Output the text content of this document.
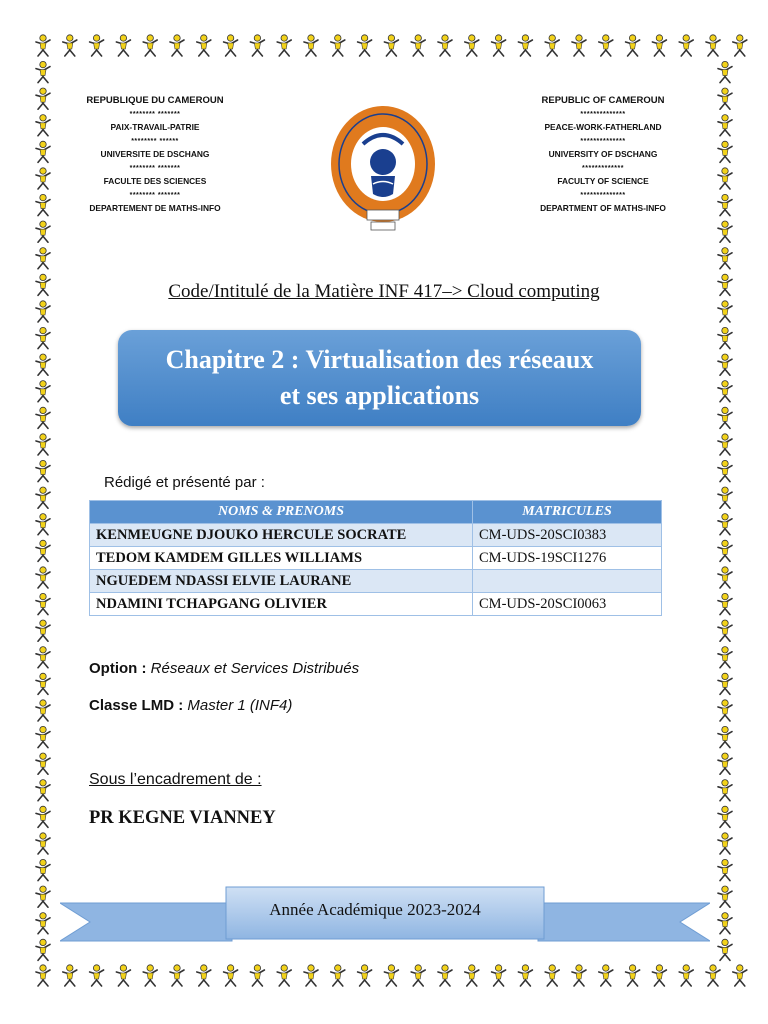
REPUBLIQUE DU CAMEROUN
******** *******
PAIX-TRAVAIL-PATRIE
******** ******
UNIVERSITE DE DSCHANG
******** *******
FACULTE DES SCIENCES
******** *******
DEPARTEMENT DE MATHS-INFO
REPUBLIC OF CAMEROUN
**************
PEACE-WORK-FATHERLAND
**************
UNIVERSITY OF DSCHANG
*************
FACULTY OF SCIENCE
**************
DEPARTMENT OF MATHS-INFO
Code/Intitulé de la Matière INF 417–> Cloud computing
Chapitre 2 : Virtualisation des réseaux
et ses applications
Rédigé et présenté par :
NOMS & PRENOMS	MATRICULES
KENMEUGNE DJOUKO HERCULE SOCRATE	CM-UDS-20SCI0383
TEDOM KAMDEM GILLES WILLIAMS	CM-UDS-19SCI1276
NGUEDEM NDASSI ELVIE LAURANE	
NDAMINI TCHAPGANG OLIVIER	CM-UDS-20SCI0063
Option : Réseaux et Services Distribués
Classe LMD : Master 1 (INF4)
Sous l’encadrement de :
PR KEGNE VIANNEY
Année Académique 2023-2024
